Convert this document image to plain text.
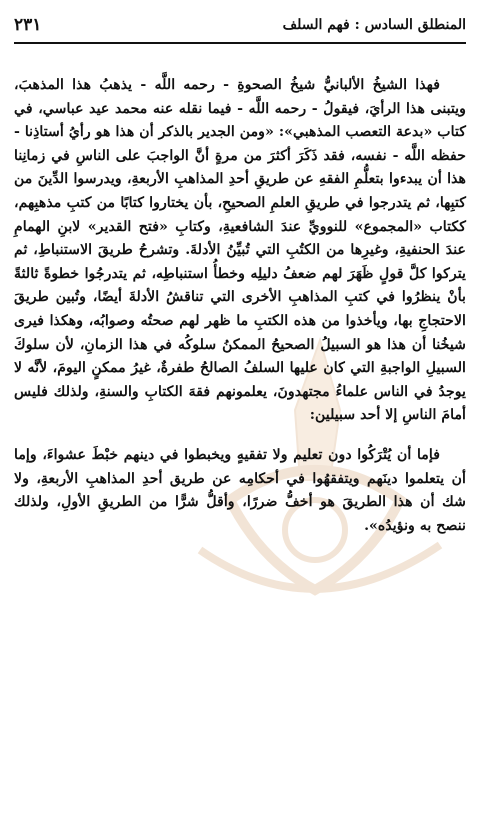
المنطلق السادس : فهم السلف
٢٣١

فهذا الشيخُ الألبانيُّ شيخُ الصحوةِ - رحمه اللَّه - يذهبُ هذا المذهبَ، ويتبنى هذا الرأيَ، فيقولُ - رحمه اللَّه - فيما نقله عنه محمد عيد عباسي، في كتاب «بدعة التعصب المذهبي»: «ومن الجدير بالذكر أن هذا هو رأيُ أستاذِنا - حفظه اللَّه - نفسه، فقد ذَكَرَ أكثرَ من مرةٍ أنَّ الواجبَ على الناسِ في زمانِنا هذا أن يبدءوا بتعلُّمِ الفقهِ عن طريقِ أحدِ المذاهبِ الأربعةِ، ويدرسوا الدِّينَ من كتبِها، ثم يتدرجوا في طريقِ العلمِ الصحيحِ، بأن يختاروا كتابًا من كتبِ مذهبِهم، ككتاب «المجموع» للنوويِّ عندَ الشافعيةِ، وكتابِ «فتح القدير» لابنِ الهمامِ عندَ الحنفيةِ، وغيرِها من الكتُبِ التي تُبيِّنُ الأدلةَ. وتشرحُ طريقَ الاستنباطِ، ثم يتركوا كلَّ قولٍ ظَهَرَ لهم ضعفُ دليلِه وخطأُ استنباطِه، ثم يتدرجُوا خطوةً ثالثةً بأنْ ينظرُوا في كتبِ المذاهبِ الأخرى التي تناقشُ الأدلةَ أيضًا، وتُبين طريقَ الاحتجاجِ بها، ويأخذوا من هذه الكتبِ ما ظهر لهم صحتُه وصوابُه، وهكذا فيرى شيخُنا أن هذا هو السبيلُ الصحيحُ الممكنُ سلوكُه في هذا الزمانِ، لأن سلوكَ السبيلِ الواجبةِ التي كان عليها السلفُ الصالحُ طفرةٌ، غيرُ ممكنٍ اليومَ، لأنَّه لا يوجدُ في الناس علماءُ مجتهدونَ، يعلمونهم فقهَ الكتابِ والسنةِ، ولذلك فليس أمامَ الناسِ إلا أحد سبيلين:

فإما أن يُتْرَكُوا دون تعليم ولا تفقيهٍ ويخبطوا في دينهم خبْطَ عشواءَ، وإما أن يتعلموا دينَهم ويتفقهُوا في أحكامِه عن طريق أحدِ المذاهبِ الأربعةِ، ولا شك أن هذا الطريقَ هو أخفُّ ضررًا، وأقلُّ شرًّا من الطريقِ الأولِ، ولذلك ننصح به ونؤيدُه».
